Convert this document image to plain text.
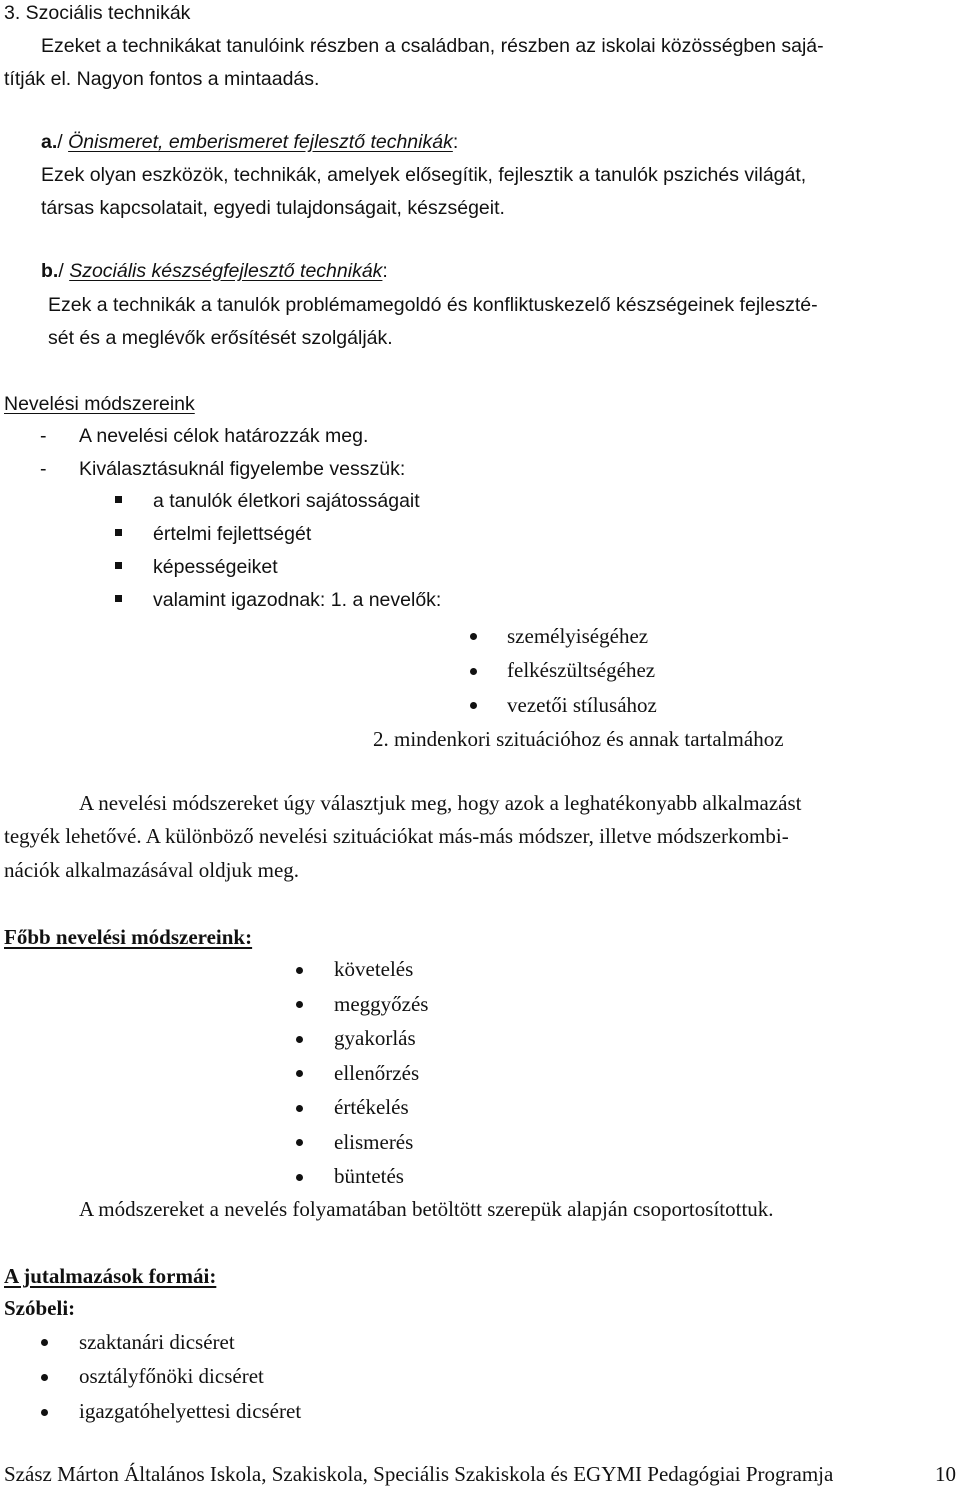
3. Szociális technikák
Ezeket a technikákat tanulóink részben a családban, részben az iskolai közösségben sajá-
títják el. Nagyon fontos a mintaadás.
a./ Önismeret, emberismeret fejlesztő technikák:
Ezek olyan eszközök, technikák, amelyek elősegítik, fejlesztik a tanulók pszichés világát,
társas kapcsolatait, egyedi tulajdonságait, készségeit.
b./ Szociális készségfejlesztő technikák:
Ezek a technikák a tanulók problémamegoldó és konfliktuskezelő készségeinek fejleszté-
sét és a meglévők erősítését szolgálják.
Nevelési módszereink
- A nevelési célok határozzák meg.
- Kiválasztásuknál figyelembe vesszük:
a tanulók életkori sajátosságait
értelmi fejlettségét
képességeiket
valamint igazodnak: 1. a nevelők:
személyiségéhez
felkészültségéhez
vezetői stílusához
2. mindenkori szituációhoz és annak tartalmához
A nevelési módszereket úgy választjuk meg, hogy azok a leghatékonyabb alkalmazást
tegyék lehetővé. A különböző nevelési szituációkat más-más módszer, illetve módszerkombi-
nációk alkalmazásával oldjuk meg.
Főbb nevelési módszereink:
követelés
meggyőzés
gyakorlás
ellenőrzés
értékelés
elismerés
büntetés
A módszereket a nevelés folyamatában betöltött szerepük alapján csoportosítottuk.
A jutalmazások formái:
Szóbeli:
szaktanári dicséret
osztályfőnöki dicséret
igazgatóhelyettesi dicséret
Szász Márton Általános Iskola, Szakiskola, Speciális Szakiskola és EGYMI Pedagógiai Programja	10
